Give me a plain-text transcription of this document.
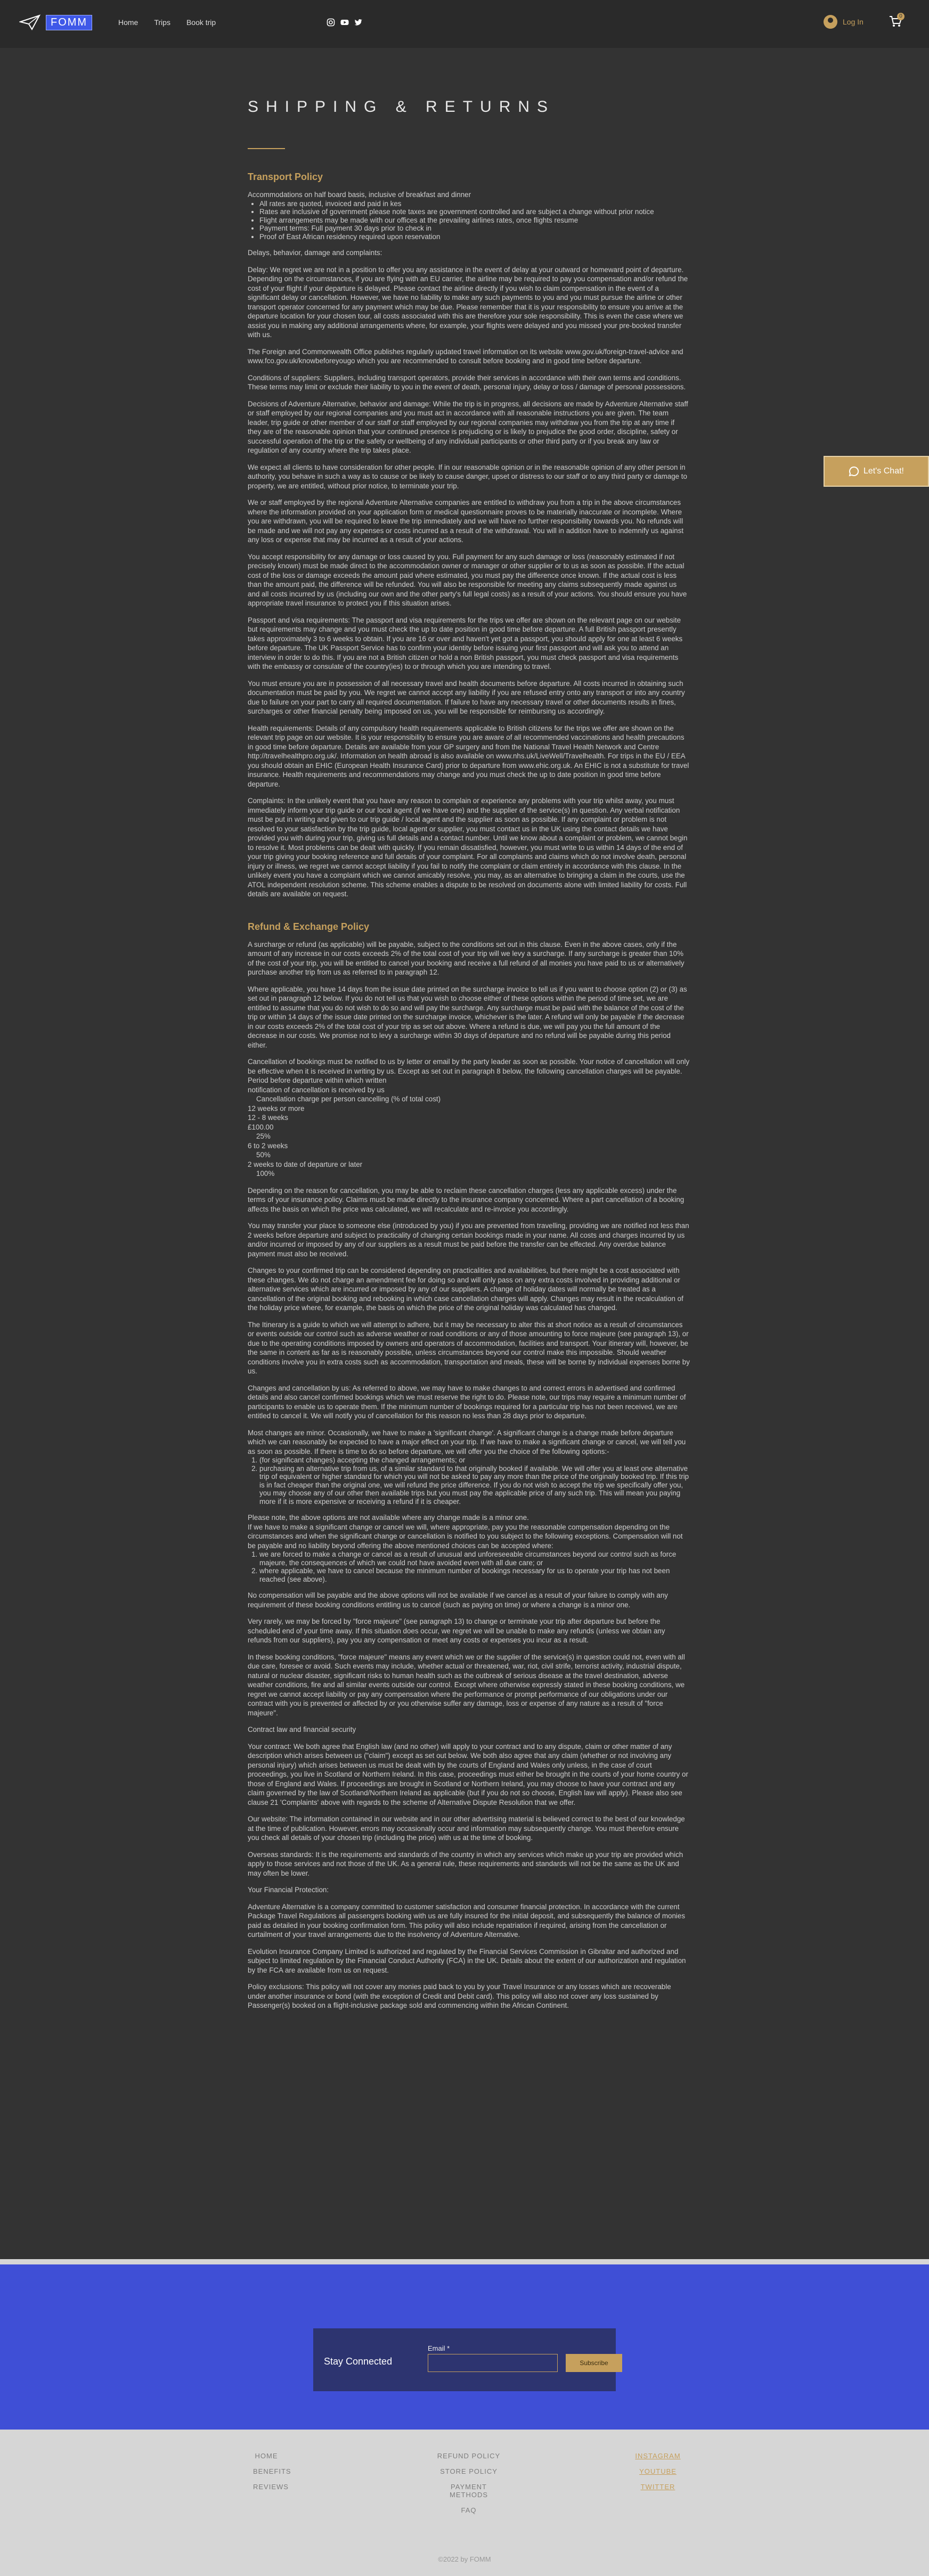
FOMM	Home Trips Book trip	Log In
0
SHIPPING & RETURNS
Transport Policy

Accommodations on half board basis, inclusive of breakfast and dinner

• All rates are quoted, invoiced and paid in kes
• Rates are inclusive of government please note taxes are government controlled and are subject a change without prior notice
• Flight arrangements may be made with our offices at the prevailing airlines rates, once flights resume
• Payment terms: Full payment 30 days prior to check in
• Proof of East African residency required upon reservation

Delays, behavior, damage and complaints:

Delay: We regret we are not in a position to offer you any assistance in the event of delay at your outward or homeward point of departure. Depending on the circumstances, if you are flying with an EU carrier, the airline may be required to pay you compensation and/or refund the cost of your flight if your departure is delayed. Please contact the airline directly if you wish to claim compensation in the event of a significant delay or cancellation. However, we have no liability to make any such payments to you and you must pursue the airline or other transport operator concerned for any payment which may be due. Please remember that it is your responsibility to ensure you arrive at the departure location for your chosen tour, all costs associated with this are therefore your sole responsibility. This is even the case where we assist you in making any additional arrangements where, for example, your flights were delayed and you missed your pre-booked transfer with us.

The Foreign and Commonwealth Office publishes regularly updated travel information on its website www.gov.uk/foreign-travel-advice and www.fco.gov.uk/knowbeforeyougo which you are recommended to consult before booking and in good time before departure.

Conditions of suppliers: Suppliers, including transport operators, provide their services in accordance with their own terms and conditions. These terms may limit or exclude their liability to you in the event of death, personal injury, delay or loss / damage of personal possessions.

Decisions of Adventure Alternative, behavior and damage: While the trip is in progress, all decisions are made by Adventure Alternative staff or staff employed by our regional companies and you must act in accordance with all reasonable instructions you are given. The team leader, trip guide or other member of our staff or staff employed by our regional companies may withdraw you from the trip at any time if they are of the reasonable opinion that your continued presence is prejudicing or is likely to prejudice the good order, discipline, safety or successful operation of the trip or the safety or wellbeing of any individual participants or other third party or if you break any law or regulation of any country where the trip takes place.

We expect all clients to have consideration for other people. If in our reasonable opinion or in the reasonable opinion of any other person in authority, you behave in such a way as to cause or be likely to cause danger, upset or distress to our staff or to any third party or damage to property, we are entitled, without prior notice, to terminate your trip.

We or staff employed by the regional Adventure Alternative companies are entitled to withdraw you from a trip in the above circumstances where the information provided on your application form or medical questionnaire proves to be materially inaccurate or incomplete. Where you are withdrawn, you will be required to leave the trip immediately and we will have no further responsibility towards you. No refunds will be made and we will not pay any expenses or costs incurred as a result of the withdrawal. You will in addition have to indemnify us against any loss or expense that may be incurred as a result of your actions.

You accept responsibility for any damage or loss caused by you. Full payment for any such damage or loss (reasonably estimated if not precisely known) must be made direct to the accommodation owner or manager or other supplier or to us as soon as possible. If the actual cost of the loss or damage exceeds the amount paid where estimated, you must pay the difference once known. If the actual cost is less than the amount paid, the difference will be refunded. You will also be responsible for meeting any claims subsequently made against us and all costs incurred by us (including our own and the other party's full legal costs) as a result of your actions. You should ensure you have appropriate travel insurance to protect you if this situation arises.

Passport and visa requirements: The passport and visa requirements for the trips we offer are shown on the relevant page on our website but requirements may change and you must check the up to date position in good time before departure. A full British passport presently takes approximately 3 to 6 weeks to obtain. If you are 16 or over and haven't yet got a passport, you should apply for one at least 6 weeks before departure. The UK Passport Service has to confirm your identity before issuing your first passport and will ask you to attend an interview in order to do this. If you are not a British citizen or hold a non British passport, you must check passport and visa requirements with the embassy or consulate of the country(ies) to or through which you are intending to travel.

You must ensure you are in possession of all necessary travel and health documents before departure. All costs incurred in obtaining such documentation must be paid by you. We regret we cannot accept any liability if you are refused entry onto any transport or into any country due to failure on your part to carry all required documentation. If failure to have any necessary travel or other documents results in fines, surcharges or other financial penalty being imposed on us, you will be responsible for reimbursing us accordingly.

Health requirements: Details of any compulsory health requirements applicable to British citizens for the trips we offer are shown on the relevant trip page on our website. It is your responsibility to ensure you are aware of all recommended vaccinations and health precautions in good time before departure. Details are available from your GP surgery and from the National Travel Health Network and Centre http://travelhealthpro.org.uk/. Information on health abroad is also available on www.nhs.uk/LiveWell/Travelhealth. For trips in the EU / EEA you should obtain an EHIC (European Health Insurance Card) prior to departure from www.ehic.org.uk. An EHIC is not a substitute for travel insurance. Health requirements and recommendations may change and you must check the up to date position in good time before departure.

Complaints: In the unlikely event that you have any reason to complain or experience any problems with your trip whilst away, you must immediately inform your trip guide or our local agent (if we have one) and the supplier of the service(s) in question. Any verbal notification must be put in writing and given to our trip guide / local agent and the supplier as soon as possible. If any complaint or problem is not resolved to your satisfaction by the trip guide, local agent or supplier, you must contact us in the UK using the contact details we have provided you with during your trip, giving us full details and a contact number. Until we know about a complaint or problem, we cannot begin to resolve it. Most problems can be dealt with quickly. If you remain dissatisfied, however, you must write to us within 14 days of the end of your trip giving your booking reference and full details of your complaint. For all complaints and claims which do not involve death, personal injury or illness, we regret we cannot accept liability if you fail to notify the complaint or claim entirely in accordance with this clause. In the unlikely event you have a complaint which we cannot amicably resolve, you may, as an alternative to bringing a claim in the courts, use the ATOL independent resolution scheme. This scheme enables a dispute to be resolved on documents alone with limited liability for costs. Full details are available on request.

Refund & Exchange Policy

A surcharge or refund (as applicable) will be payable, subject to the conditions set out in this clause. Even in the above cases, only if the amount of any increase in our costs exceeds 2% of the total cost of your trip will we levy a surcharge. If any surcharge is greater than 10% of the cost of your trip, you will be entitled to cancel your booking and receive a full refund of all monies you have paid to us or alternatively purchase another trip from us as referred to in paragraph 12.

Where applicable, you have 14 days from the issue date printed on the surcharge invoice to tell us if you want to choose option (2) or (3) as set out in paragraph 12 below. If you do not tell us that you wish to choose either of these options within the period of time set, we are entitled to assume that you do not wish to do so and will pay the surcharge. Any surcharge must be paid with the balance of the cost of the trip or within 14 days of the issue date printed on the surcharge invoice, whichever is the later. A refund will only be payable if the decrease in our costs exceeds 2% of the total cost of your trip as set out above. Where a refund is due, we will pay you the full amount of the decrease in our costs. We promise not to levy a surcharge within 30 days of departure and no refund will be payable during this period either.

Cancellation of bookings must be notified to us by letter or email by the party leader as soon as possible. Your notice of cancellation will only be effective when it is received in writing by us. Except as set out in paragraph 8 below, the following cancellation charges will be payable.

Period before departure within which written
notification of cancellation is received by us
Cancellation charge per person cancelling (% of total cost)
12 weeks or more
12 - 8 weeks
£100.00
25%
6 to 2 weeks
50%
2 weeks to date of departure or later
100%

Depending on the reason for cancellation, you may be able to reclaim these cancellation charges (less any applicable excess) under the terms of your insurance policy. Claims must be made directly to the insurance company concerned. Where a part cancellation of a booking affects the basis on which the price was calculated, we will recalculate and re-invoice you accordingly.

You may transfer your place to someone else (introduced by you) if you are prevented from travelling, providing we are notified not less than 2 weeks before departure and subject to practicality of changing certain bookings made in your name. All costs and charges incurred by us and/or incurred or imposed by any of our suppliers as a result must be paid before the transfer can be effected. Any overdue balance payment must also be received.

Changes to your confirmed trip can be considered depending on practicalities and availabilities, but there might be a cost associated with these changes. We do not charge an amendment fee for doing so and will only pass on any extra costs involved in providing additional or alternative services which are incurred or imposed by any of our suppliers. A change of holiday dates will normally be treated as a cancellation of the original booking and rebooking in which case cancellation charges will apply. Changes may result in the recalculation of the holiday price where, for example, the basis on which the price of the original holiday was calculated has changed.

The Itinerary is a guide to which we will attempt to adhere, but it may be necessary to alter this at short notice as a result of circumstances or events outside our control such as adverse weather or road conditions or any of those amounting to force majeure (see paragraph 13), or due to the operating conditions imposed by owners and operators of accommodation, facilities and transport. Your itinerary will, however, be the same in content as far as is reasonably possible, unless circumstances beyond our control make this impossible. Should weather conditions involve you in extra costs such as accommodation, transportation and meals, these will be borne by individual expenses borne by us.

Changes and cancellation by us: As referred to above, we may have to make changes to and correct errors in advertised and confirmed details and also cancel confirmed bookings which we must reserve the right to do. Please note, our trips may require a minimum number of participants to enable us to operate them. If the minimum number of bookings required for a particular trip has not been received, we are entitled to cancel it. We will notify you of cancellation for this reason no less than 28 days prior to departure.

Most changes are minor. Occasionally, we have to make a 'significant change'. A significant change is a change made before departure which we can reasonably be expected to have a major effect on your trip. If we have to make a significant change or cancel, we will tell you as soon as possible. If there is time to do so before departure, we will offer you the choice of the following options:-

1. (for significant changes) accepting the changed arrangements; or
2. purchasing an alternative trip from us, of a similar standard to that originally booked if available. We will offer you at least one alternative trip of equivalent or higher standard for which you will not be asked to pay any more than the price of the originally booked trip. If this trip is in fact cheaper than the original one, we will refund the price difference. If you do not wish to accept the trip we specifically offer you, you may choose any of our other then available trips but you must pay the applicable price of any such trip. This will mean you paying more if it is more expensive or receiving a refund if it is cheaper.

Please note, the above options are not available where any change made is a minor one.

If we have to make a significant change or cancel we will, where appropriate, pay you the reasonable compensation depending on the circumstances and when the significant change or cancellation is notified to you subject to the following exceptions. Compensation will not be payable and no liability beyond offering the above mentioned choices can be accepted where:

1. we are forced to make a change or cancel as a result of unusual and unforeseeable circumstances beyond our control such as force majeure, the consequences of which we could not have avoided even with all due care; or
2. where applicable, we have to cancel because the minimum number of bookings necessary for us to operate your trip has not been reached (see above).

No compensation will be payable and the above options will not be available if we cancel as a result of your failure to comply with any requirement of these booking conditions entitling us to cancel (such as paying on time) or where a change is a minor one.

Very rarely, we may be forced by "force majeure" (see paragraph 13) to change or terminate your trip after departure but before the scheduled end of your time away. If this situation does occur, we regret we will be unable to make any refunds (unless we obtain any refunds from our suppliers), pay you any compensation or meet any costs or expenses you incur as a result.

In these booking conditions, "force majeure" means any event which we or the supplier of the service(s) in question could not, even with all due care, foresee or avoid. Such events may include, whether actual or threatened, war, riot, civil strife, terrorist activity, industrial dispute, natural or nuclear disaster, significant risks to human health such as the outbreak of serious disease at the travel destination, adverse weather conditions, fire and all similar events outside our control. Except where otherwise expressly stated in these booking conditions, we regret we cannot accept liability or pay any compensation where the performance or prompt performance of our obligations under our contract with you is prevented or affected by or you otherwise suffer any damage, loss or expense of any nature as a result of "force majeure".

Contract law and financial security

Your contract: We both agree that English law (and no other) will apply to your contract and to any dispute, claim or other matter of any description which arises between us ("claim") except as set out below. We both also agree that any claim (whether or not involving any personal injury) which arises between us must be dealt with by the courts of England and Wales only unless, in the case of court proceedings, you live in Scotland or Northern Ireland. In this case, proceedings must either be brought in the courts of your home country or those of England and Wales. If proceedings are brought in Scotland or Northern Ireland, you may choose to have your contract and any claim governed by the law of Scotland/Northern Ireland as applicable (but if you do not so choose, English law will apply). Please also see clause 21 'Complaints' above with regards to the scheme of Alternative Dispute Resolution that we offer.

Our website: The information contained in our website and in our other advertising material is believed correct to the best of our knowledge at the time of publication. However, errors may occasionally occur and information may subsequently change. You must therefore ensure you check all details of your chosen trip (including the price) with us at the time of booking.

Overseas standards: It is the requirements and standards of the country in which any services which make up your trip are provided which apply to those services and not those of the UK. As a general rule, these requirements and standards will not be the same as the UK and may often be lower.

Your Financial Protection:

Adventure Alternative is a company committed to customer satisfaction and consumer financial protection. In accordance with the current Package Travel Regulations all passengers booking with us are fully insured for the initial deposit, and subsequently the balance of monies paid as detailed in your booking confirmation form. This policy will also include repatriation if required, arising from the cancellation or curtailment of your travel arrangements due to the insolvency of Adventure Alternative.

Evolution Insurance Company Limited is authorized and regulated by the Financial Services Commission in Gibraltar and authorized and subject to limited regulation by the Financial Conduct Authority (FCA) in the UK. Details about the extent of our authorization and regulation by the FCA are available from us on request.

Policy exclusions: This policy will not cover any monies paid back to you by your Travel Insurance or any losses which are recoverable under another insurance or bond (with the exception of Credit and Debit card). This policy will also not cover any loss sustained by Passenger(s) booked on a flight-inclusive package sold and commencing within the African Continent.

Let's Chat!
Stay Connected
Email *
Subscribe
HOME
BENEFITS
REVIEWS
REFUND POLICY
STORE POLICY
PAYMENT METHODS
FAQ
INSTAGRAM
YOUTUBE
TWITTER
©2022 by FOMM
